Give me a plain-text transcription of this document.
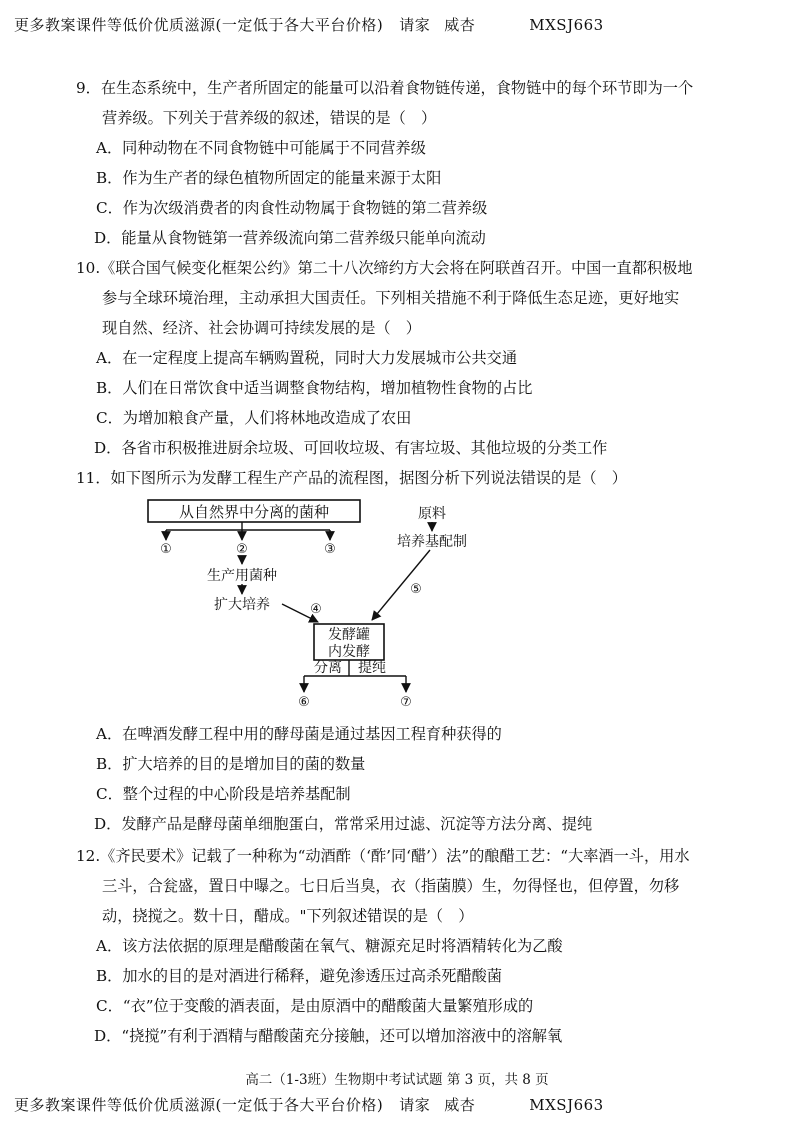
更多教案课件等低价优质滋源(一定低于各大平台价格) 请家 威杏	MXSJ663
9．在生态系统中，生产者所固定的能量可以沿着食物链传递，食物链中的每个环节即为一个
营养级。下列关于营养级的叙述，错误的是（　）
A．同种动物在不同食物链中可能属于不同营养级
B．作为生产者的绿色植物所固定的能量来源于太阳
C．作为次级消费者的肉食性动物属于食物链的第二营养级
D．能量从食物链第一营养级流向第二营养级只能单向流动
10.《联合国气候变化框架公约》第二十八次缔约方大会将在阿联酋召开。中国一直都积极地
参与全球环境治理，主动承担大国责任。下列相关措施不利于降低生态足迹，更好地实
现自然、经济、社会协调可持续发展的是（　）
A．在一定程度上提高车辆购置税，同时大力发展城市公共交通
B．人们在日常饮食中适当调整食物结构，增加植物性食物的占比
C．为增加粮食产量，人们将林地改造成了农田
D．各省市积极推进厨余垃圾、可回收垃圾、有害垃圾、其他垃圾的分类工作
11．如下图所示为发酵工程生产产品的流程图，据图分析下列说法错误的是（　）
从自然界中分离的菌种
①	②	③
生产用菌种
扩大培养	④
原料
培养基配制
⑤
发酵罐
内发酵
分离 提纯
⑥	⑦
A．在啤酒发酵工程中用的酵母菌是通过基因工程育种获得的
B．扩大培养的目的是增加目的菌的数量
C．整个过程的中心阶段是培养基配制
D．发酵产品是酵母菌单细胞蛋白，常常采用过滤、沉淀等方法分离、提纯
12.《齐民要术》记载了一种称为“动酒酢（‘酢’同‘醋’）法”的酿醋工艺：“大率酒一斗，用水
三斗，合瓮盛，置日中曝之。七日后当臭，衣（指菌膜）生，勿得怪也，但停置，勿移
动，挠搅之。数十日，醋成。"下列叙述错误的是（　）
A．该方法依据的原理是醋酸菌在氧气、糖源充足时将酒精转化为乙酸
B．加水的目的是对酒进行稀释，避免渗透压过高杀死醋酸菌
C．“衣”位于变酸的酒表面，是由原酒中的醋酸菌大量繁殖形成的
D．“挠搅”有利于酒精与醋酸菌充分接触，还可以增加溶液中的溶解氧
高二（1-3班）生物期中考试试题 第 3 页，共 8 页
更多教案课件等低价优质滋源(一定低于各大平台价格) 请家 威杏	MXSJ663
